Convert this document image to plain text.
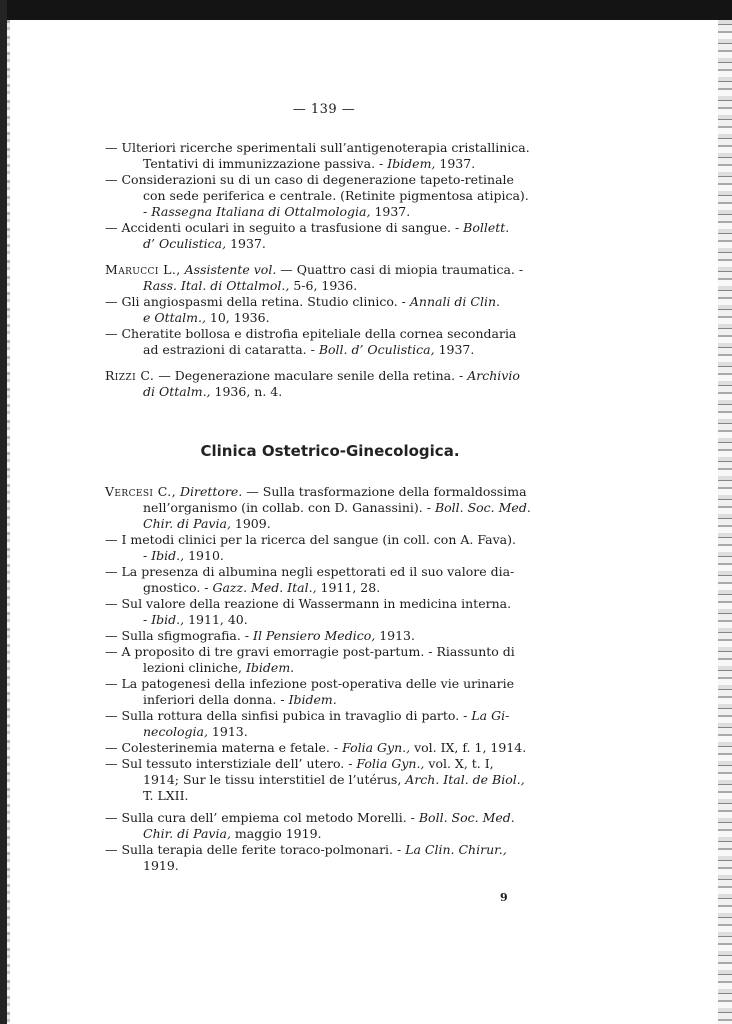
— 139 —
— Ulteriori ricerche sperimentali sull’antigenoterapia cristallinica.
Tentativi di immunizzazione passiva. - Ibidem, 1937.
— Considerazioni su di un caso di degenerazione tapeto-retinale
con sede periferica e centrale. (Retinite pigmentosa atipica).
- Rassegna Italiana di Ottalmologia, 1937.
— Accidenti oculari in seguito a trasfusione di sangue. - Bollett.
d’ Oculistica, 1937.
Marucci L., Assistente vol. — Quattro casi di miopia traumatica. -
Rass. Ital. di Ottalmol., 5-6, 1936.
— Gli angiospasmi della retina. Studio clinico. - Annali di Clin.
e Ottalm., 10, 1936.
— Cheratite bollosa e distrofia epiteliale della cornea secondaria
ad estrazioni di cataratta. - Boll. d’ Oculistica, 1937.
Rizzi C. — Degenerazione maculare senile della retina. - Archivio
di Ottalm., 1936, n. 4.
Clinica Ostetrico-Ginecologica.
Vercesi C., Direttore. — Sulla trasformazione della formaldossima
nell’organismo (in collab. con D. Ganassini). - Boll. Soc. Med.
Chir. di Pavia, 1909.
— I metodi clinici per la ricerca del sangue (in coll. con A. Fava).
- Ibid., 1910.
— La presenza di albumina negli espettorati ed il suo valore dia-
gnostico. - Gazz. Med. Ital., 1911, 28.
— Sul valore della reazione di Wassermann in medicina interna.
- Ibid., 1911, 40.
— Sulla sfigmografia. - Il Pensiero Medico, 1913.
— A proposito di tre gravi emorragie post-partum. - Riassunto di
lezioni cliniche, Ibidem.
— La patogenesi della infezione post-operativa delle vie urinarie
inferiori della donna. - Ibidem.
— Sulla rottura della sinfisi pubica in travaglio di parto. - La Gi-
necologia, 1913.
— Colesterinemia materna e fetale. - Folia Gyn., vol. IX, f. 1, 1914.
— Sul tessuto interstiziale dell’ utero. - Folia Gyn., vol. X, t. I,
1914; Sur le tissu interstitiel de l’utérus, Arch. Ital. de Biol.,
T. LXII.
— Sulla cura dell’ empiema col metodo Morelli. - Boll. Soc. Med.
Chir. di Pavia, maggio 1919.
— Sulla terapia delle ferite toraco-polmonari. - La Clin. Chirur.,
1919.
9
